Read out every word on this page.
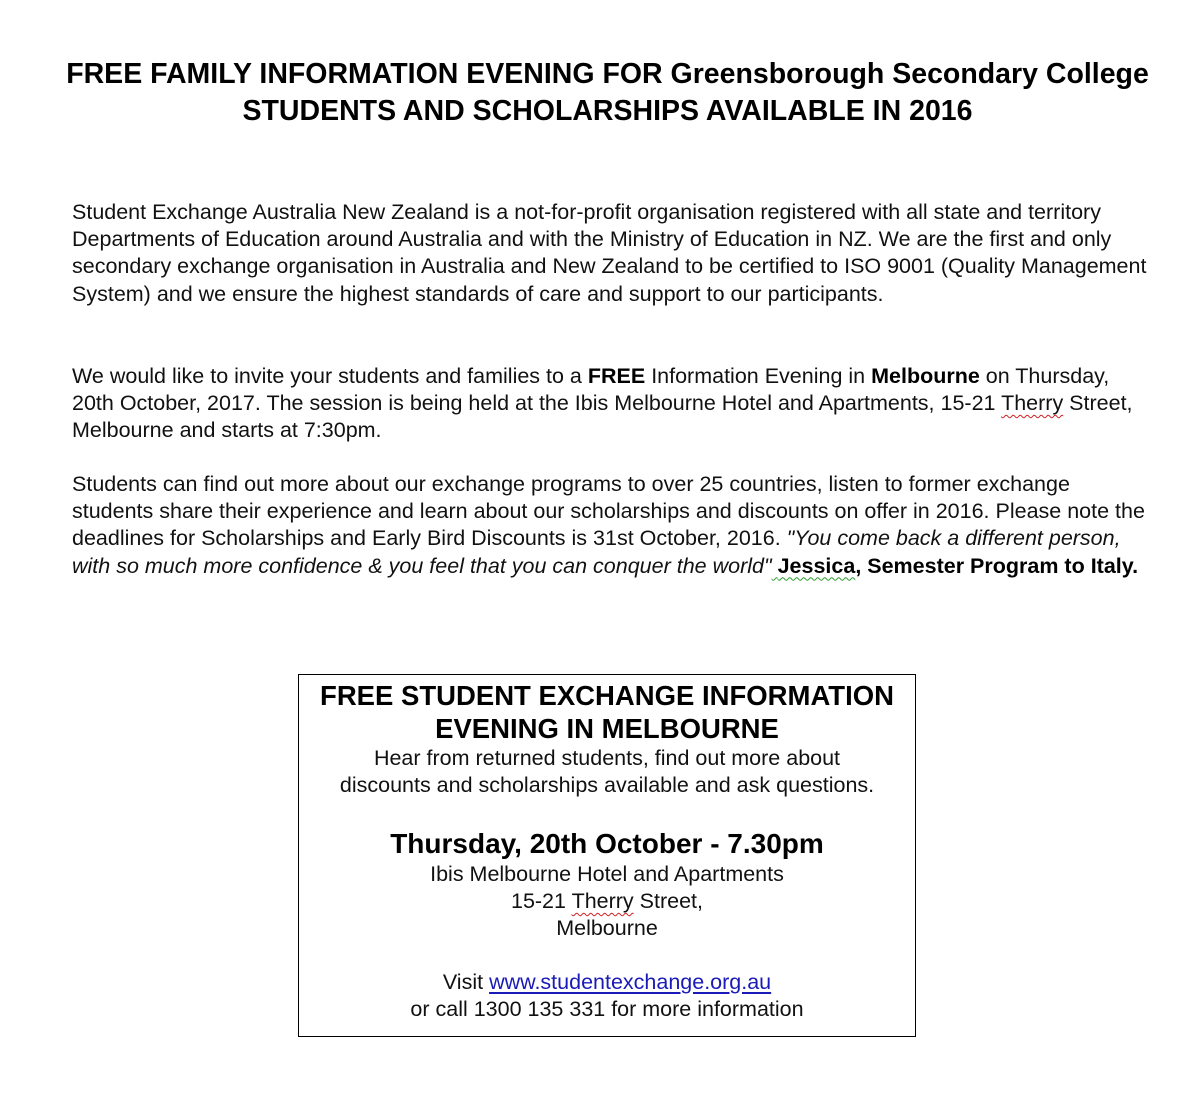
FREE FAMILY INFORMATION EVENING FOR Greensborough Secondary College STUDENTS AND SCHOLARSHIPS AVAILABLE IN 2016
Student Exchange Australia New Zealand is a not-for-profit organisation registered with all state and territory Departments of Education around Australia and with the Ministry of Education in NZ. We are the first and only secondary exchange organisation in Australia and New Zealand to be certified to ISO 9001 (Quality Management System) and we ensure the highest standards of care and support to our participants.
We would like to invite your students and families to a FREE Information Evening in Melbourne on Thursday, 20th October, 2017. The session is being held at the Ibis Melbourne Hotel and Apartments, 15-21 Therry Street, Melbourne and starts at 7:30pm.
Students can find out more about our exchange programs to over 25 countries, listen to former exchange students share their experience and learn about our scholarships and discounts on offer in 2016. Please note the deadlines for Scholarships and Early Bird Discounts is 31st October, 2016. "You come back a different person, with so much more confidence & you feel that you can conquer the world" Jessica, Semester Program to Italy.
FREE STUDENT EXCHANGE INFORMATION EVENING IN MELBOURNE
Hear from returned students, find out more about
discounts and scholarships available and ask questions.
Thursday, 20th October - 7.30pm
Ibis Melbourne Hotel and Apartments
15-21 Therry Street,
Melbourne
Visit www.studentexchange.org.au
or call 1300 135 331 for more information
